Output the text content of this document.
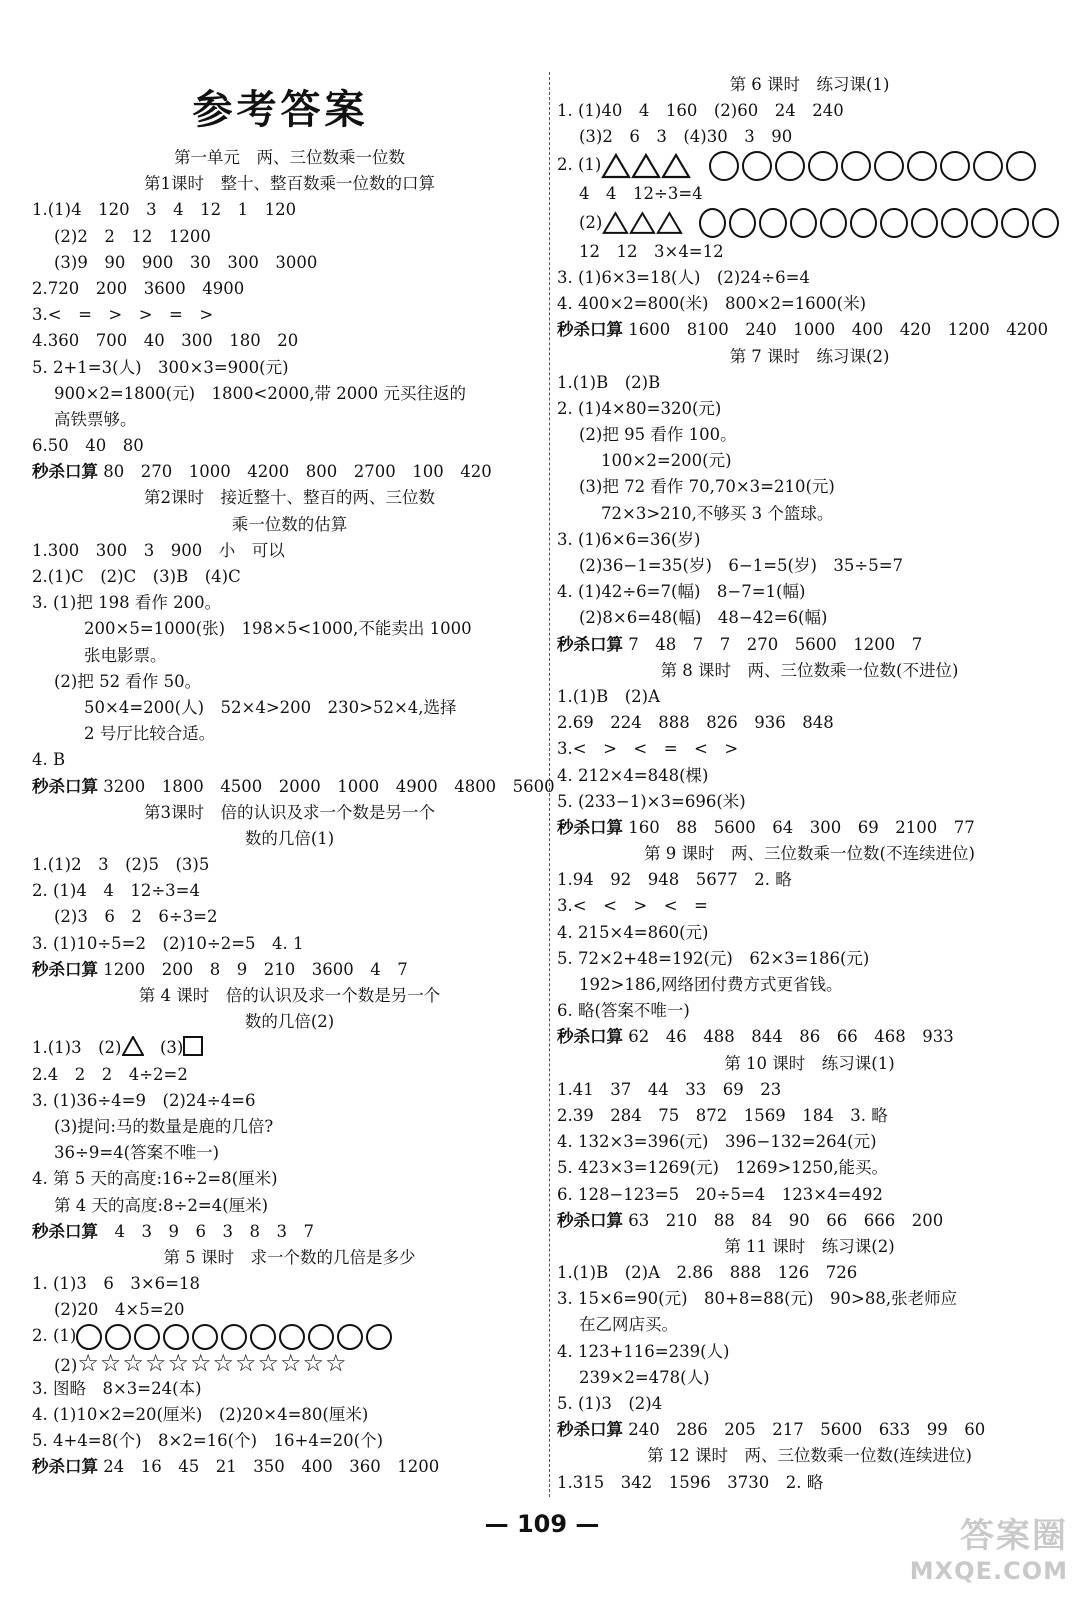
参考答案
第一单元　两、三位数乘一位数
第1课时　整十、整百数乘一位数的口算
1.(1)4　120　3　4　12　1　120
(2)2　2　12　1200
(3)9　90　900　30　300　3000
2.720　200　3600　4900
3.<　=　>　>　=　>
4.360　700　40　300　180　20
5. 2+1=3(人)　300×3=900(元)
900×2=1800(元)　1800<2000,带 2000 元买往返的
高铁票够。
6.50　40　80
秒杀口算 80　270　1000　4200　800　2700　100　420
第2课时　接近整十、整百的两、三位数
乘一位数的估算
1.300　300　3　900　小　可以
2.(1)C　(2)C　(3)B　(4)C
3. (1)把 198 看作 200。
200×5=1000(张)　198×5<1000,不能卖出 1000
张电影票。
(2)把 52 看作 50。
50×4=200(人)　52×4>200　230>52×4,选择
2 号厅比较合适。
4. B
秒杀口算 3200　1800　4500　2000　1000　4900　4800　5600
第3课时　倍的认识及求一个数是另一个
数的几倍(1)
1.(1)2　3　(2)5　(3)5
2. (1)4　4　12÷3=4
(2)3　6　2　6÷3=2
3. (1)10÷5=2　(2)10÷2=5　4. 1
秒杀口算 1200　200　8　9　210　3600　4　7
第 4 课时　倍的认识及求一个数是另一个
数的几倍(2)
1.(1)3　(2)　(3)
2.4　2　2　4÷2=2
3. (1)36÷4=9　(2)24÷4=6
(3)提问:马的数量是鹿的几倍?
36÷9=4(答案不唯一)
4. 第 5 天的高度:16÷2=8(厘米)
第 4 天的高度:8÷2=4(厘米)
秒杀口算　4　3　9　6　3　8　3　7
第 5 课时　求一个数的几倍是多少
1. (1)3　6　3×6=18
(2)20　4×5=20
2. (1)
(2)☆☆☆☆☆☆☆☆☆☆☆☆
3. 图略　8×3=24(本)
4. (1)10×2=20(厘米)　(2)20×4=80(厘米)
5. 4+4=8(个)　8×2=16(个)　16+4=20(个)
秒杀口算 24　16　45　21　350　400　360　1200
第 6 课时　练习课(1)
1. (1)40　4　160　(2)60　24　240
(3)2　6　3　(4)30　3　90
2. (1)
4　4　12÷3=4
(2)
12　12　3×4=12
3. (1)6×3=18(人)　(2)24÷6=4
4. 400×2=800(米)　800×2=1600(米)
秒杀口算 1600　8100　240　1000　400　420　1200　4200
第 7 课时　练习课(2)
1.(1)B　(2)B
2. (1)4×80=320(元)
(2)把 95 看作 100。
100×2=200(元)
(3)把 72 看作 70,70×3=210(元)
72×3>210,不够买 3 个篮球。
3. (1)6×6=36(岁)
(2)36−1=35(岁)　6−1=5(岁)　35÷5=7
4. (1)42÷6=7(幅)　8−7=1(幅)
(2)8×6=48(幅)　48−42=6(幅)
秒杀口算 7　48　7　7　270　5600　1200　7
第 8 课时　两、三位数乘一位数(不进位)
1.(1)B　(2)A
2.69　224　888　826　936　848
3.<　>　<　=　<　>
4. 212×4=848(棵)
5. (233−1)×3=696(米)
秒杀口算 160　88　5600　64　300　69　2100　77
第 9 课时　两、三位数乘一位数(不连续进位)
1.94　92　948　5677　2. 略
3.<　<　>　<　=
4. 215×4=860(元)
5. 72×2+48=192(元)　62×3=186(元)
192>186,网络团付费方式更省钱。
6. 略(答案不唯一)
秒杀口算 62　46　488　844　86　66　468　933
第 10 课时　练习课(1)
1.41　37　44　33　69　23
2.39　284　75　872　1569　184　3. 略
4. 132×3=396(元)　396−132=264(元)
5. 423×3=1269(元)　1269>1250,能买。
6. 128−123=5　20÷5=4　123×4=492
秒杀口算 63　210　88　84　90　66　666　200
第 11 课时　练习课(2)
1.(1)B　(2)A　2.86　888　126　726
3. 15×6=90(元)　80+8=88(元)　90>88,张老师应
在乙网店买。
4. 123+116=239(人)
239×2=478(人)
5. (1)3　(2)4
秒杀口算 240　286　205　217　5600　633　99　60
第 12 课时　两、三位数乘一位数(连续进位)
1.315　342　1596　3730　2. 略
— 109 —	答案圈
MXQE.COM
